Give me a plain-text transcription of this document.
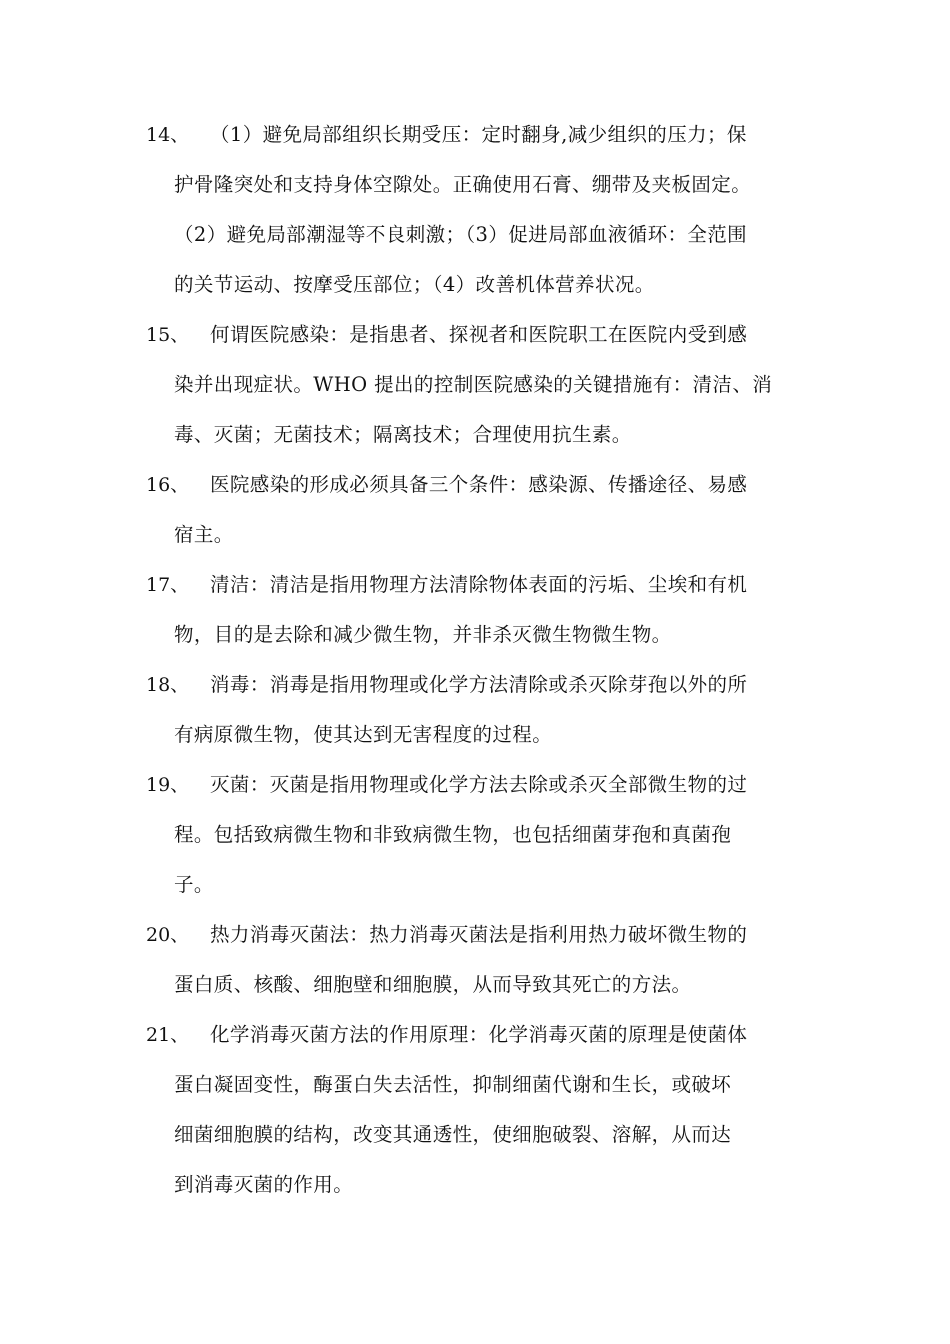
14、 （1）避免局部组织长期受压：定时翻身,减少组织的压力；保
护骨隆突处和支持身体空隙处。正确使用石膏、绷带及夹板固定。
（2）避免局部潮湿等不良刺激；（3）促进局部血液循环：全范围
的关节运动、按摩受压部位；（4）改善机体营养状况。
15、 何谓医院感染：是指患者、探视者和医院职工在医院内受到感
染并出现症状。WHO 提出的控制医院感染的关键措施有：清洁、消
毒、灭菌；无菌技术；隔离技术；合理使用抗生素。
16、 医院感染的形成必须具备三个条件：感染源、传播途径、易感
宿主。
17、 清洁：清洁是指用物理方法清除物体表面的污垢、尘埃和有机
物，目的是去除和减少微生物，并非杀灭微生物微生物。
18、 消毒：消毒是指用物理或化学方法清除或杀灭除芽孢以外的所
有病原微生物，使其达到无害程度的过程。
19、 灭菌：灭菌是指用物理或化学方法去除或杀灭全部微生物的过
程。包括致病微生物和非致病微生物，也包括细菌芽孢和真菌孢
子。
20、 热力消毒灭菌法：热力消毒灭菌法是指利用热力破坏微生物的
蛋白质、核酸、细胞壁和细胞膜，从而导致其死亡的方法。
21、 化学消毒灭菌方法的作用原理：化学消毒灭菌的原理是使菌体
蛋白凝固变性，酶蛋白失去活性，抑制细菌代谢和生长，或破坏
细菌细胞膜的结构，改变其通透性，使细胞破裂、溶解，从而达
到消毒灭菌的作用。
